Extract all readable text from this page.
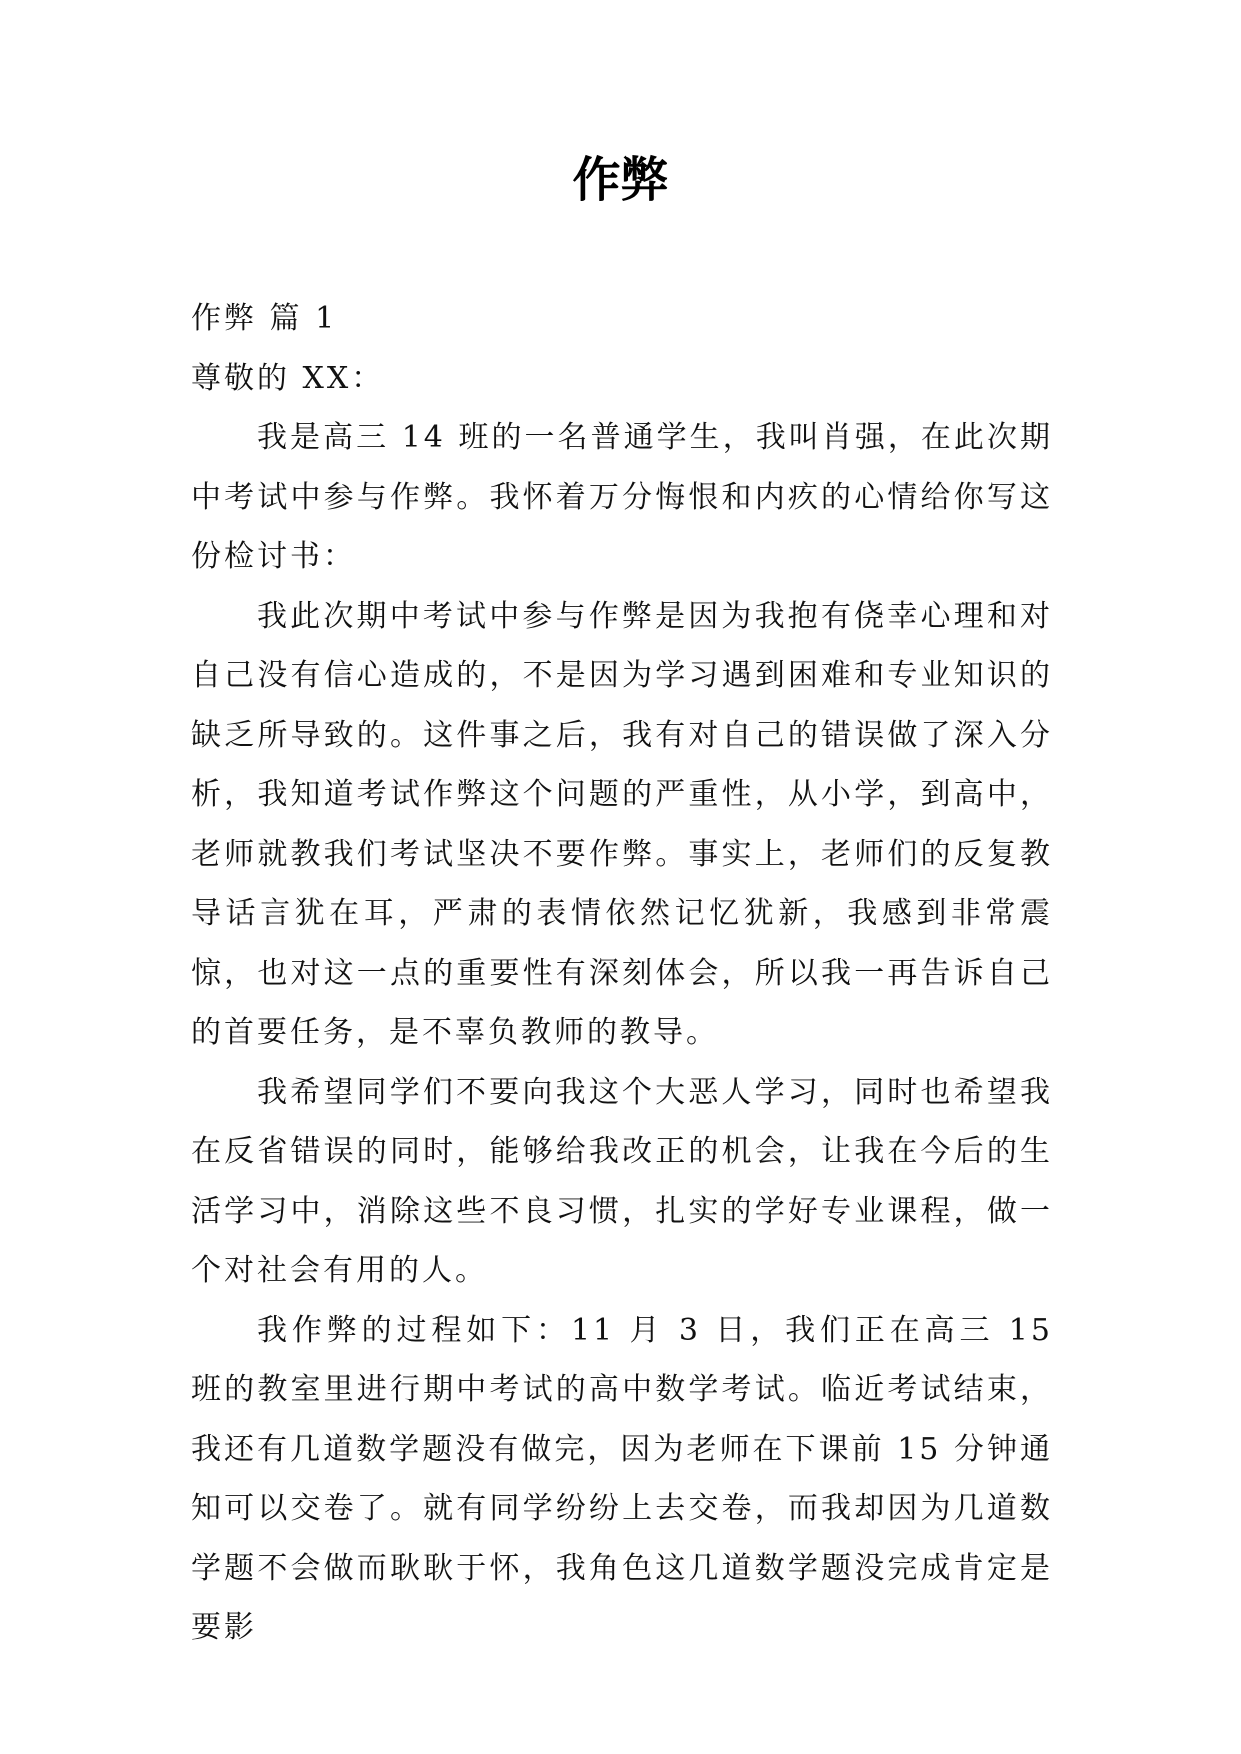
作弊

作弊 篇 1

尊敬的 XX：

我是高三 14 班的一名普通学生，我叫肖强，在此次期中考试中参与作弊。我怀着万分悔恨和内疚的心情给你写这份检讨书：

我此次期中考试中参与作弊是因为我抱有侥幸心理和对自己没有信心造成的，不是因为学习遇到困难和专业知识的缺乏所导致的。这件事之后，我有对自己的错误做了深入分析，我知道考试作弊这个问题的严重性，从小学，到高中，老师就教我们考试坚决不要作弊。事实上，老师们的反复教导话言犹在耳，严肃的表情依然记忆犹新，我感到非常震惊，也对这一点的重要性有深刻体会，所以我一再告诉自己的首要任务，是不辜负教师的教导。

我希望同学们不要向我这个大恶人学习，同时也希望我在反省错误的同时，能够给我改正的机会，让我在今后的生活学习中，消除这些不良习惯，扎实的学好专业课程，做一个对社会有用的人。

我作弊的过程如下：11 月 3 日，我们正在高三 15 班的教室里进行期中考试的高中数学考试。临近考试结束，我还有几道数学题没有做完，因为老师在下课前 15 分钟通知可以交卷了。就有同学纷纷上去交卷，而我却因为几道数学题不会做而耿耿于怀，我角色这几道数学题没完成肯定是要影
